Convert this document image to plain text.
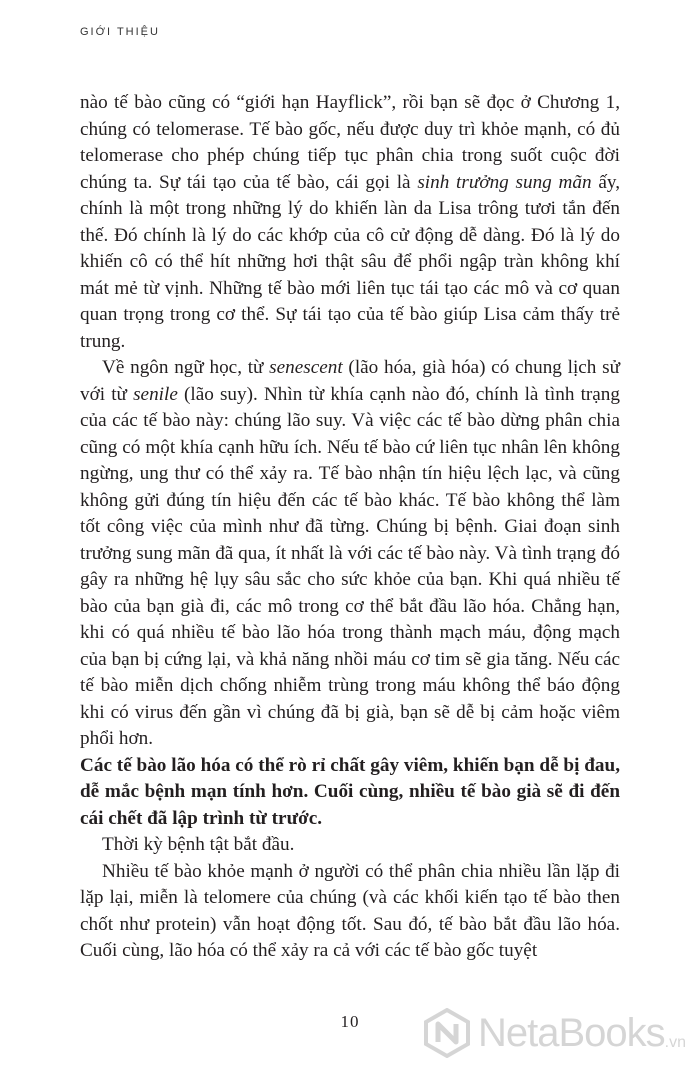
GIỚI THIỆU

nào tế bào cũng có “giới hạn Hayflick”, rồi bạn sẽ đọc ở Chương 1, chúng có telomerase. Tế bào gốc, nếu được duy trì khỏe mạnh, có đủ telomerase cho phép chúng tiếp tục phân chia trong suốt cuộc đời chúng ta. Sự tái tạo của tế bào, cái gọi là sinh trưởng sung mãn ấy, chính là một trong những lý do khiến làn da Lisa trông tươi tắn đến thế. Đó chính là lý do các khớp của cô cử động dễ dàng. Đó là lý do khiến cô có thể hít những hơi thật sâu để phổi ngập tràn không khí mát mẻ từ vịnh. Những tế bào mới liên tục tái tạo các mô và cơ quan quan trọng trong cơ thể. Sự tái tạo của tế bào giúp Lisa cảm thấy trẻ trung.

Về ngôn ngữ học, từ senescent (lão hóa, già hóa) có chung lịch sử với từ senile (lão suy). Nhìn từ khía cạnh nào đó, chính là tình trạng của các tế bào này: chúng lão suy. Và việc các tế bào dừng phân chia cũng có một khía cạnh hữu ích. Nếu tế bào cứ liên tục nhân lên không ngừng, ung thư có thể xảy ra. Tế bào nhận tín hiệu lệch lạc, và cũng không gửi đúng tín hiệu đến các tế bào khác. Tế bào không thể làm tốt công việc của mình như đã từng. Chúng bị bệnh. Giai đoạn sinh trưởng sung mãn đã qua, ít nhất là với các tế bào này. Và tình trạng đó gây ra những hệ lụy sâu sắc cho sức khỏe của bạn. Khi quá nhiều tế bào của bạn già đi, các mô trong cơ thể bắt đầu lão hóa. Chẳng hạn, khi có quá nhiều tế bào lão hóa trong thành mạch máu, động mạch của bạn bị cứng lại, và khả năng nhồi máu cơ tim sẽ gia tăng. Nếu các tế bào miễn dịch chống nhiễm trùng trong máu không thể báo động khi có virus đến gần vì chúng đã bị già, bạn sẽ dễ bị cảm hoặc viêm phổi hơn.

Các tế bào lão hóa có thể rò rỉ chất gây viêm, khiến bạn dễ bị đau, dễ mắc bệnh mạn tính hơn. Cuối cùng, nhiều tế bào già sẽ đi đến cái chết đã lập trình từ trước.

Thời kỳ bệnh tật bắt đầu.

Nhiều tế bào khỏe mạnh ở người có thể phân chia nhiều lần lặp đi lặp lại, miễn là telomere của chúng (và các khối kiến tạo tế bào then chốt như protein) vẫn hoạt động tốt. Sau đó, tế bào bắt đầu lão hóa. Cuối cùng, lão hóa có thể xảy ra cả với các tế bào gốc tuyệt

10	NetaBooks .vn
